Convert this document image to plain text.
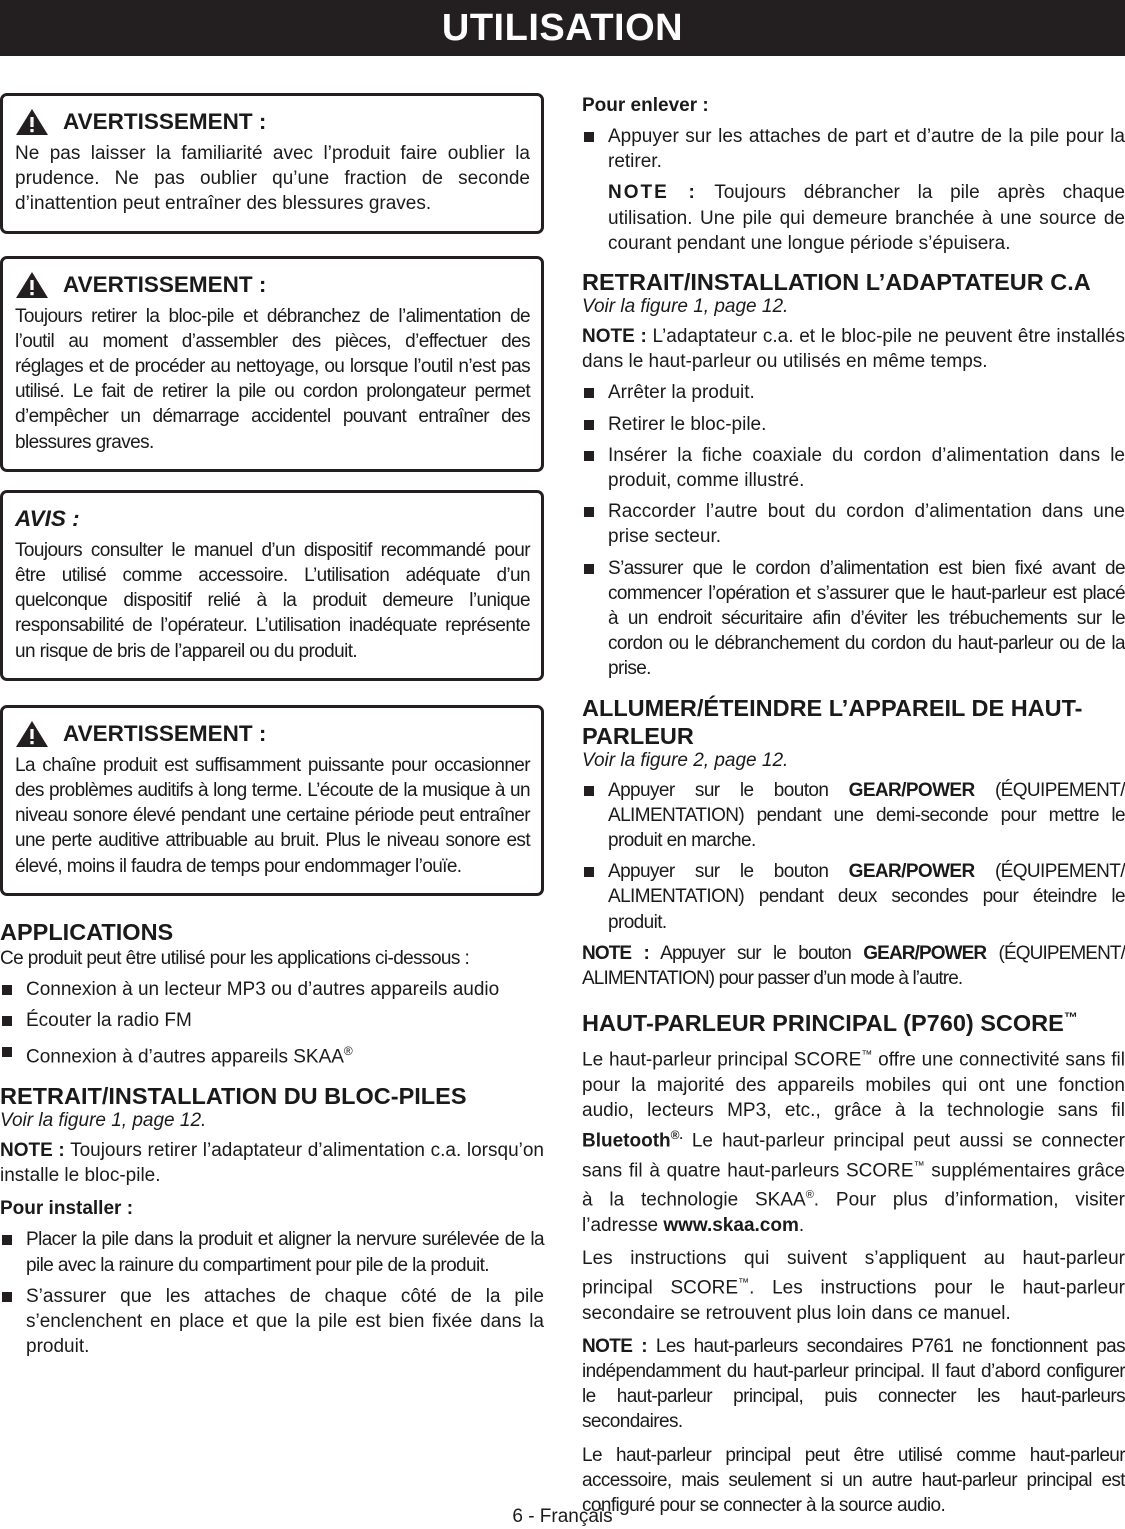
UTILISATION
AVERTISSEMENT :

Ne pas laisser la familiarité avec l’produit faire oublier la prudence. Ne pas oublier qu’une fraction de seconde d’inattention peut entraîner des blessures graves.

AVERTISSEMENT :

Toujours retirer la bloc-pile et débranchez de l’alimentation de l’outil au moment d’assembler des pièces, d’effectuer des réglages et de procéder au nettoyage, ou lorsque l’outil n’est pas utilisé. Le fait de retirer la pile ou cordon prolongateur permet d’empêcher un démarrage accidentel pouvant entraîner des blessures graves.

AVIS :

Toujours consulter le manuel d’un dispositif recommandé pour être utilisé comme accessoire. L’utilisation adéquate d’un quelconque dispositif relié à la produit demeure l’unique responsabilité de l’opérateur. L’utilisation inadéquate représente un risque de bris de l’appareil ou du produit.

AVERTISSEMENT :

La chaîne produit est suffisamment puissante pour occasionner des problèmes auditifs à long terme. L’écoute de la musique à un niveau sonore élevé pendant une certaine période peut entraîner une perte auditive attribuable au bruit. Plus le niveau sonore est élevé, moins il faudra de temps pour endommager l’ouïe.

APPLICATIONS

Ce produit peut être utilisé pour les applications ci-dessous :

Connexion à un lecteur MP3 ou d’autres appareils audio
Écouter la radio FM
Connexion à d’autres appareils SKAA®
RETRAIT/INSTALLATION DU BLOC-PILES
Voir la figure 1, page 12.

NOTE : Toujours retirer l’adaptateur d’alimentation c.a. lorsqu’on installe le bloc-pile.

Pour installer :
Placer la pile dans la produit et aligner la nervure surélevée de la pile avec la rainure du compartiment pour pile de la produit.
S’assurer que les attaches de chaque côté de la pile s’enclenchent en place et que la pile est bien fixée dans la produit.
Pour enlever :
Appuyer sur les attaches de part et d’autre de la pile pour la retirer.

NOTE : Toujours débrancher la pile après chaque utilisation. Une pile qui demeure branchée à une source de courant pendant une longue période s’épuisera.

RETRAIT/INSTALLATION L’ADAPTATEUR C.A
Voir la figure 1, page 12.

NOTE : L’adaptateur c.a. et le bloc-pile ne peuvent être installés dans le haut-parleur ou utilisés en même temps.

Arrêter la produit.
Retirer le bloc-pile.
Insérer la fiche coaxiale du cordon d’alimentation dans le produit, comme illustré.
Raccorder l’autre bout du cordon d’alimentation dans une prise secteur.
S’assurer que le cordon d’alimentation est bien fixé avant de commencer l’opération et s’assurer que le haut-parleur est placé à un endroit sécuritaire afin d’éviter les trébuchements sur le cordon ou le débranchement du cordon du haut-parleur ou de la prise.
ALLUMER/ÉTEINDRE L’APPAREIL DE HAUT-PARLEUR
Voir la figure 2, page 12.
Appuyer sur le bouton GEAR/POWER (ÉQUIPEMENT/ ALIMENTATION) pendant une demi-seconde pour mettre le produit en marche.
Appuyer sur le bouton GEAR/POWER (ÉQUIPEMENT/ ALIMENTATION) pendant deux secondes pour éteindre le produit.

NOTE : Appuyer sur le bouton GEAR/POWER (ÉQUIPEMENT/ ALIMENTATION) pour passer d’un mode à l’autre.

HAUT-PARLEUR PRINCIPAL (P760) SCORE™

Le haut-parleur principal SCORE™ offre une connectivité sans fil pour la majorité des appareils mobiles qui ont une fonction audio, lecteurs MP3, etc., grâce à la technologie sans fil Bluetooth®. Le haut-parleur principal peut aussi se connecter sans fil à quatre haut-parleurs SCORE™ supplémentaires grâce à la technologie SKAA®. Pour plus d’information, visiter l’adresse www.skaa.com.

Les instructions qui suivent s’appliquent au haut-parleur principal SCORE™. Les instructions pour le haut-parleur secondaire se retrouvent plus loin dans ce manuel.

NOTE : Les haut-parleurs secondaires P761 ne fonctionnent pas indépendamment du haut-parleur principal. Il faut d’abord configurer le haut-parleur principal, puis connecter les haut-parleurs secondaires.

Le haut-parleur principal peut être utilisé comme haut-parleur accessoire, mais seulement si un autre haut-parleur principal est configuré pour se connecter à la source audio.

6 - Français
